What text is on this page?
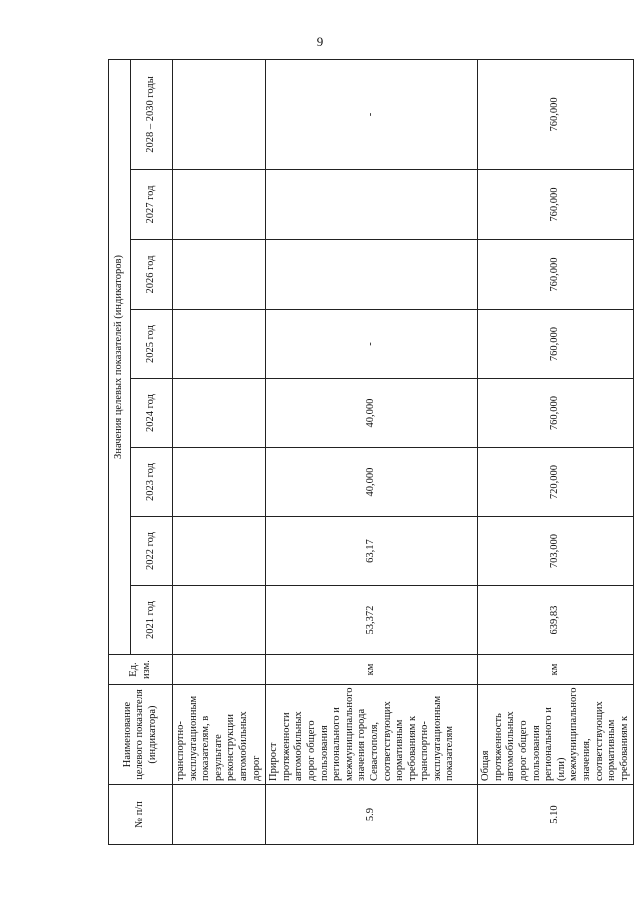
9
№ п/п	Наименование целевого показателя (индикатора)	Ед. изм.	Значения целевых показателей (индикаторов)							
			2021 год	2022 год	2023 год	2024 год	2025 год	2026 год	2027 год	2028 – 2030 годы
	транспортно-эксплуатационным показателям, в результате реконструкции автомобильных дорог									
5.9	Прирост протяженности автомобильных дорог общего пользования регионального и межмуниципального значения города Севастополя, соответствующих нормативным требованиям к транспортно-эксплуатационным показателям	км	53,372	63,17	40,000	40,000	-			-
5.10	Общая протяженность автомобильных дорог общего пользования регионального и (или) межмуниципального значения, соответствующих нормативным требованиям к	км	639,83	703,000	720,000	760,000	760,000	760,000	760,000	760,000
